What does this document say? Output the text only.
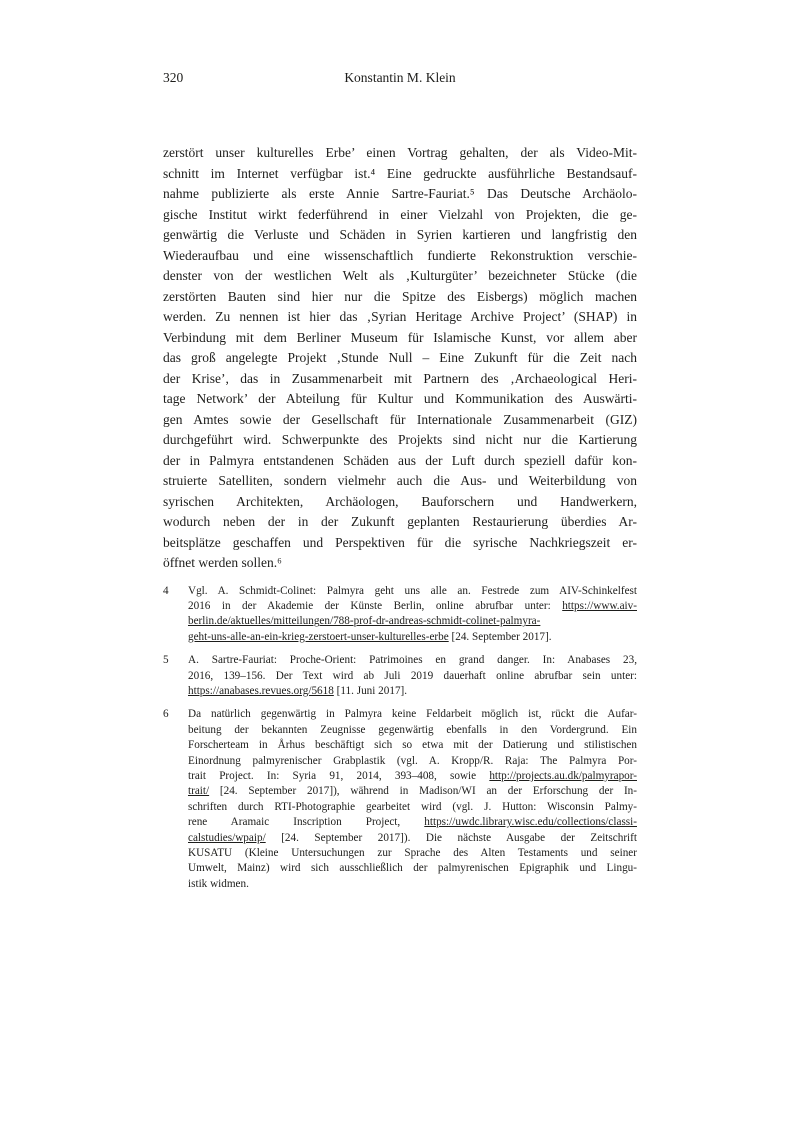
320	Konstantin M. Klein
zerstört unser kulturelles Erbe’ einen Vortrag gehalten, der als Video-Mit-
schnitt im Internet verfügbar ist.⁴ Eine gedruckte ausführliche Bestandsauf-
nahme publizierte als erste Annie Sartre-Fauriat.⁵ Das Deutsche Archäolo-
gische Institut wirkt federführend in einer Vielzahl von Projekten, die ge-
genwärtig die Verluste und Schäden in Syrien kartieren und langfristig den
Wiederaufbau und eine wissenschaftlich fundierte Rekonstruktion verschie-
denster von der westlichen Welt als ‚Kulturgüter’ bezeichneter Stücke (die
zerstörten Bauten sind hier nur die Spitze des Eisbergs) möglich machen
werden. Zu nennen ist hier das ‚Syrian Heritage Archive Project’ (SHAP) in
Verbindung mit dem Berliner Museum für Islamische Kunst, vor allem aber
das groß angelegte Projekt ‚Stunde Null – Eine Zukunft für die Zeit nach
der Krise’, das in Zusammenarbeit mit Partnern des ‚Archaeological Heri-
tage Network’ der Abteilung für Kultur und Kommunikation des Auswärti-
gen Amtes sowie der Gesellschaft für Internationale Zusammenarbeit (GIZ)
durchgeführt wird. Schwerpunkte des Projekts sind nicht nur die Kartierung
der in Palmyra entstandenen Schäden aus der Luft durch speziell dafür kon-
struierte Satelliten, sondern vielmehr auch die Aus- und Weiterbildung von
syrischen Architekten, Archäologen, Bauforschern und Handwerkern,
wodurch neben der in der Zukunft geplanten Restaurierung überdies Ar-
beitsplätze geschaffen und Perspektiven für die syrische Nachkriegszeit er-
öffnet werden sollen.⁶
4	Vgl. A. Schmidt-Colinet: Palmyra geht uns alle an. Festrede zum AIV-Schinkelfest
2016 in der Akademie der Künste Berlin, online abrufbar unter: https://www.aiv-
berlin.de/aktuelles/mitteilungen/788-prof-dr-andreas-schmidt-colinet-palmyra-
geht-uns-alle-an-ein-krieg-zerstoert-unser-kulturelles-erbe [24. September 2017].
5	A. Sartre-Fauriat: Proche-Orient: Patrimoines en grand danger. In: Anabases 23,
2016, 139–156. Der Text wird ab Juli 2019 dauerhaft online abrufbar sein unter:
https://anabases.revues.org/5618 [11. Juni 2017].
6	Da natürlich gegenwärtig in Palmyra keine Feldarbeit möglich ist, rückt die Aufar-
beitung der bekannten Zeugnisse gegenwärtig ebenfalls in den Vordergrund. Ein
Forscherteam in Århus beschäftigt sich so etwa mit der Datierung und stilistischen
Einordnung palmyrenischer Grabplastik (vgl. A. Kropp/R. Raja: The Palmyra Por-
trait Project. In: Syria 91, 2014, 393–408, sowie http://projects.au.dk/palmyrapor-
trait/ [24. September 2017]), während in Madison/WI an der Erforschung der In-
schriften durch RTI-Photographie gearbeitet wird (vgl. J. Hutton: Wisconsin Palmy-
rene Aramaic Inscription Project, https://uwdc.library.wisc.edu/collections/classi-
calstudies/wpaip/ [24. September 2017]). Die nächste Ausgabe der Zeitschrift
KUSATU (Kleine Untersuchungen zur Sprache des Alten Testaments und seiner
Umwelt, Mainz) wird sich ausschließlich der palmyrenischen Epigraphik und Lingu-
istik widmen.
